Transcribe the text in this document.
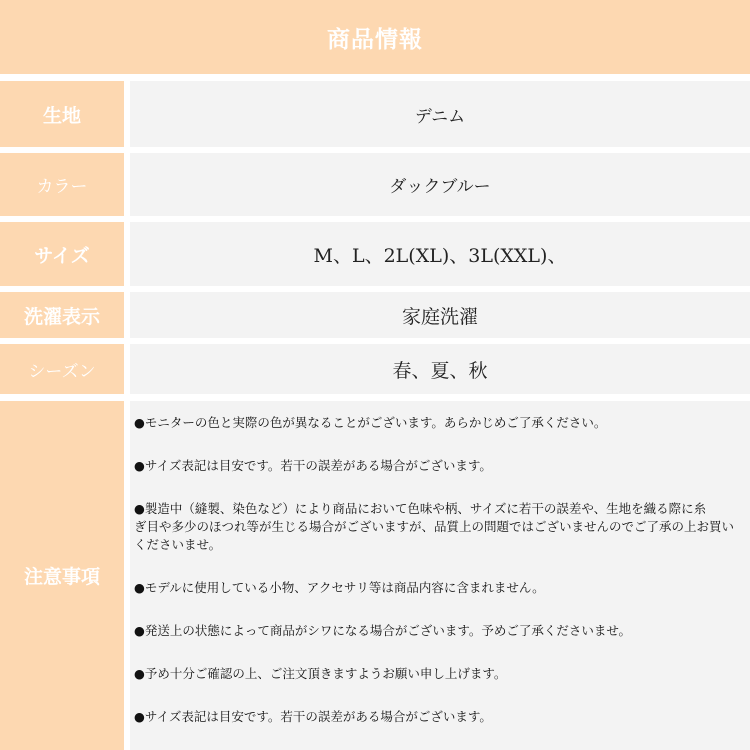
商品情報
生地	デニム
カラー	ダックブルー
サイズ	M、L、2L(XL)、3L(XXL)、
洗濯表示	家庭洗濯
シーズン	春、夏、秋
注意事項
●モニターの色と実際の色が異なることがございます。あらかじめご了承ください。
●サイズ表記は目安です。若干の誤差がある場合がございます。
●製造中（縫製、染色など）により商品において色味や柄、サイズに若干の誤差や、生地を織る際に糸
ぎ目や多少のほつれ等が生じる場合がございますが、品質上の問題ではございませんのでご了承の上お買い
くださいませ。
●モデルに使用している小物、アクセサリ等は商品内容に含まれません。
●発送上の状態によって商品がシワになる場合がございます。予めご了承くださいませ。
●予め十分ご確認の上、ご注文頂きますようお願い申し上げます。
●サイズ表記は目安です。若干の誤差がある場合がございます。
